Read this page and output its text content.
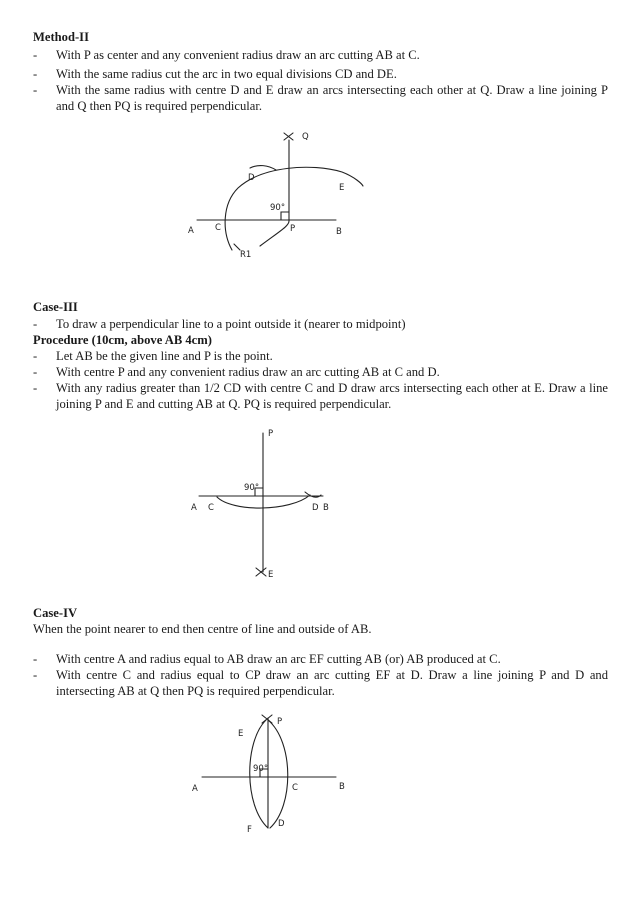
Method-II
- With P as center and any convenient radius draw an arc cutting AB at C.
- With the same radius cut the arc in two equal divisions CD and DE.
- With the same radius with centre D and E draw an arcs intersecting each other at Q. Draw a line joining P and Q then PQ is required perpendicular.
Case-III
- To draw a perpendicular line to a point outside it (nearer to midpoint)
Procedure (10cm, above AB 4cm)
- Let AB be the given line and P is the point.
- With centre P and any convenient radius draw an arc cutting AB at C and D.
- With any radius greater than 1/2 CD with centre C and D draw arcs intersecting each other at E. Draw a line joining P and E and cutting AB at Q. PQ is required perpendicular.
Case-IV
When the point nearer to end then centre of line and outside of AB.
- With centre A and radius equal to AB draw an arc EF cutting AB (or) AB produced at C.
- With centre C and radius equal to CP draw an arc cutting EF at D. Draw a line joining P and D and intersecting AB at Q then PQ is required perpendicular.
Q
D
E
90°
A C	P	B
R1
P
90°
A C	D B
E
E
P
90°
A	C	B
F
D
